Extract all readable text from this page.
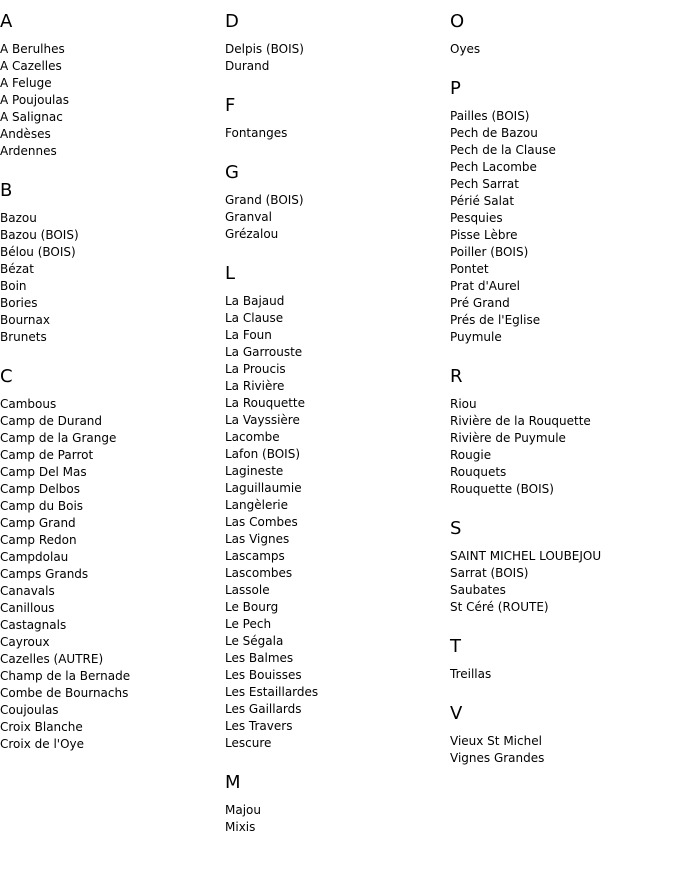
A
A Berulhes
A Cazelles
A Feluge
A Poujoulas
A Salignac
Andèses
Ardennes
B
Bazou
Bazou (BOIS)
Bélou (BOIS)
Bézat
Boin
Bories
Bournax
Brunets
C
Cambous
Camp de Durand
Camp de la Grange
Camp de Parrot
Camp Del Mas
Camp Delbos
Camp du Bois
Camp Grand
Camp Redon
Campdolau
Camps Grands
Canavals
Canillous
Castagnals
Cayroux
Cazelles (AUTRE)
Champ de la Bernade
Combe de Bournachs
Coujoulas
Croix Blanche
Croix de l'Oye
D
Delpis (BOIS)
Durand
F
Fontanges
G
Grand (BOIS)
Granval
Grézalou
L
La Bajaud
La Clause
La Foun
La Garrouste
La Proucis
La Rivière
La Rouquette
La Vayssière
Lacombe
Lafon (BOIS)
Lagineste
Laguillaumie
Langèlerie
Las Combes
Las Vignes
Lascamps
Lascombes
Lassole
Le Bourg
Le Pech
Le Ségala
Les Balmes
Les Bouisses
Les Estaillardes
Les Gaillards
Les Travers
Lescure
M
Majou
Mixis
O
Oyes
P
Pailles (BOIS)
Pech de Bazou
Pech de la Clause
Pech Lacombe
Pech Sarrat
Périé Salat
Pesquies
Pisse Lèbre
Poiller (BOIS)
Pontet
Prat d'Aurel
Pré Grand
Prés de l'Eglise
Puymule
R
Riou
Rivière de la Rouquette
Rivière de Puymule
Rougie
Rouquets
Rouquette (BOIS)
S
SAINT MICHEL LOUBEJOU
Sarrat (BOIS)
Saubates
St Céré (ROUTE)
T
Treillas
V
Vieux St Michel
Vignes Grandes
